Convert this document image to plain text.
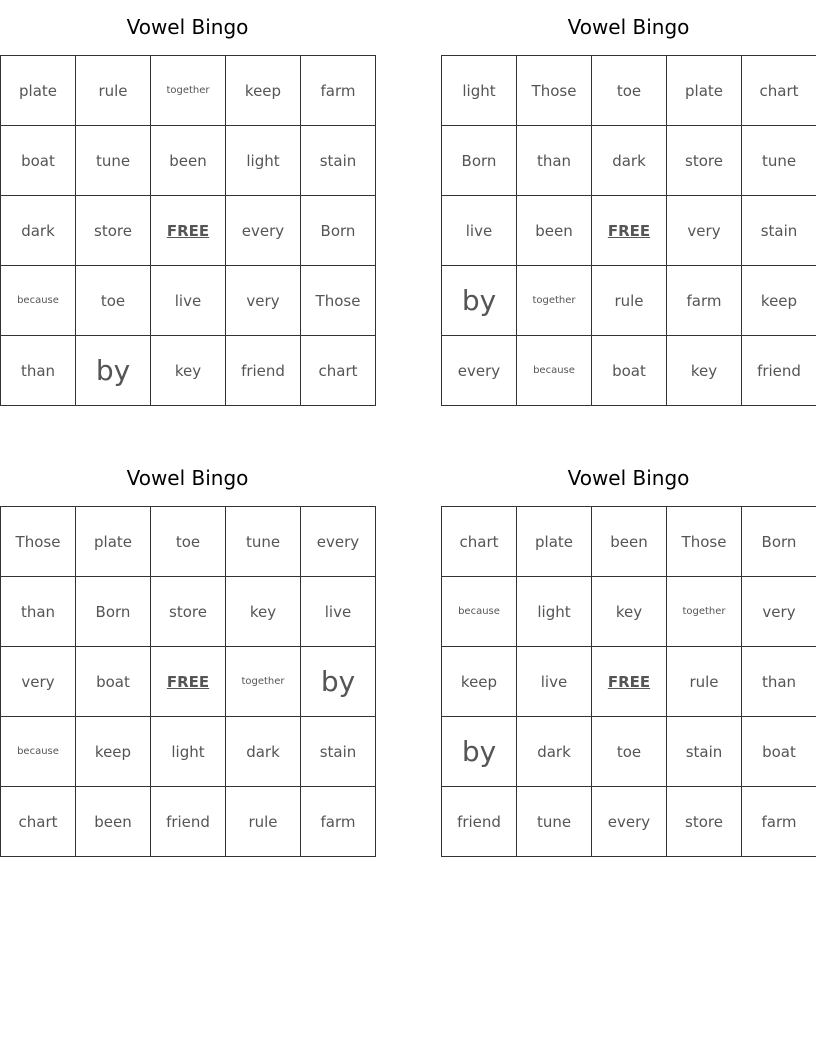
Vowel Bingo
plate	rule	together	keep	farm
boat	tune	been	light	stain
dark	store	FREE	every	Born
because	toe	live	very	Those
than	by	key	friend	chart
Vowel Bingo
light	Those	toe	plate	chart
Born	than	dark	store	tune
live	been	FREE	very	stain
by	together	rule	farm	keep
every	because	boat	key	friend
Vowel Bingo
Those	plate	toe	tune	every
than	Born	store	key	live
very	boat	FREE	together	by
because	keep	light	dark	stain
chart	been	friend	rule	farm
Vowel Bingo
chart	plate	been	Those	Born
because	light	key	together	very
keep	live	FREE	rule	than
by	dark	toe	stain	boat
friend	tune	every	store	farm
